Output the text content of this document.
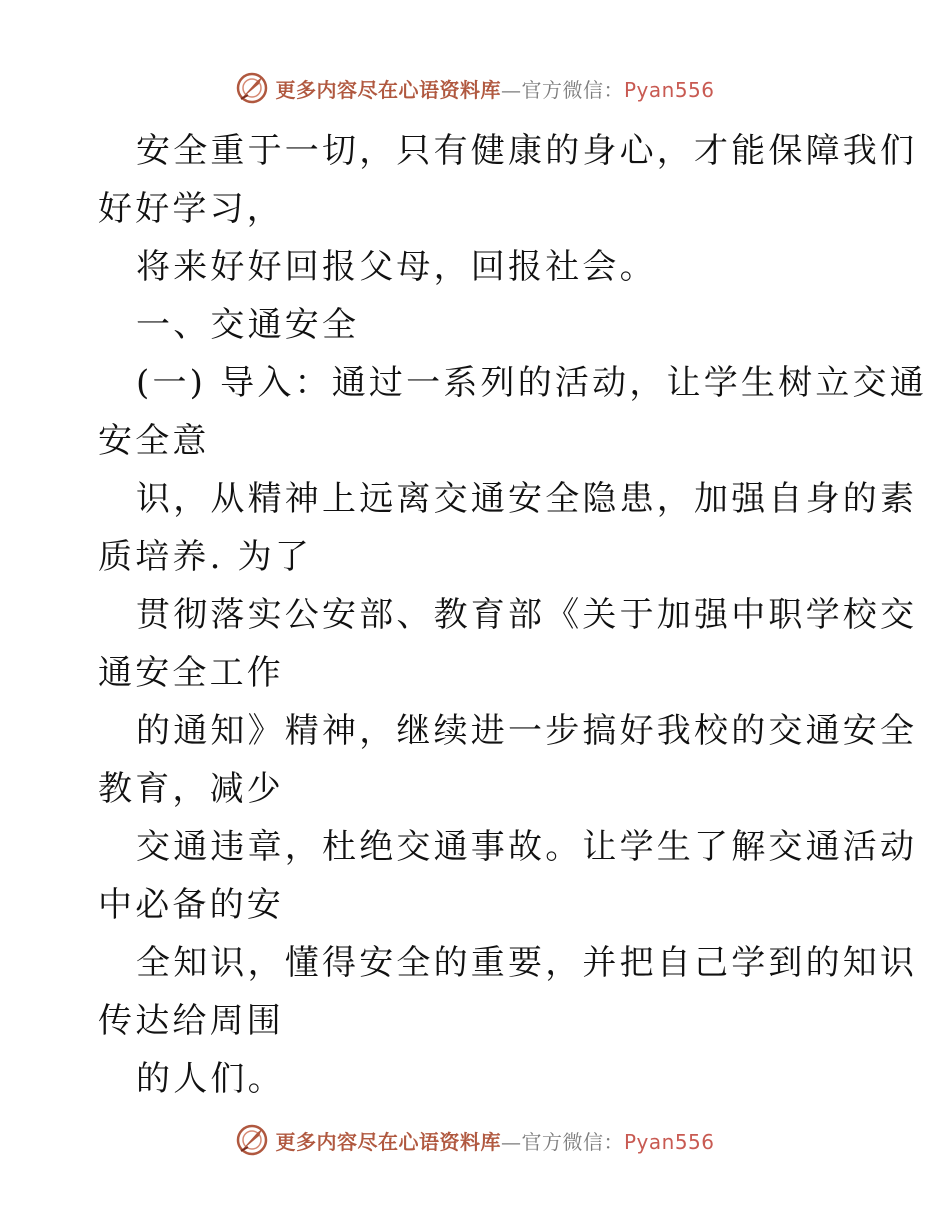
更多内容尽在心语资料库—官方微信：Pyan556
安全重于一切，只有健康的身心，才能保障我们
好好学习，
将来好好回报父母，回报社会。
一、交通安全
(一) 导入：通过一系列的活动，让学生树立交通
安全意
识，从精神上远离交通安全隐患，加强自身的素
质培养. 为了
贯彻落实公安部、教育部《关于加强中职学校交
通安全工作
的通知》精神，继续进一步搞好我校的交通安全
教育，减少
交通违章，杜绝交通事故。让学生了解交通活动
中必备的安
全知识，懂得安全的重要，并把自己学到的知识
传达给周围
的人们。
更多内容尽在心语资料库—官方微信：Pyan556
